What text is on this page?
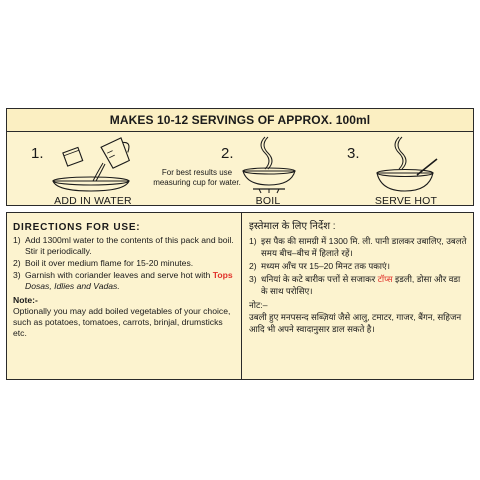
MAKES 10-12 SERVINGS OF APPROX. 100ml
1.
ADD IN WATER
For best results use
measuring cup for water.
2.
BOIL
3.
SERVE HOT
DIRECTIONS FOR USE:
1) Add 1300ml water to the contents of this pack and boil. Stir it periodically.
2) Boil it over medium flame for 15-20 minutes.
3) Garnish with coriander leaves and serve hot with Tops Dosas, Idlies and Vadas.
Note:-
Optionally you may add boiled vegetables of your choice, such as potatoes, tomatoes, carrots, brinjal, drumsticks etc.
इस्तेमाल के लिए निर्देश :
1) इस पैक की सामग्री में 1300 मि. ली. पानी डालकर उबालिए, उबलते समय बीच–बीच में हिलाते रहें।
2) मध्यम आँच पर 15–20 मिनट तक पकाएं।
3) धनियां के कटे बारीक पत्तों से सजाकर टॉप्स इडली, डोसा और वडा के साथ परोसिए।
नोट:–
उबली हुए मनपसन्द सब्ज़ियां जैसे आलु, टमाटर, गाजर, बैंगन, सहिजन आदि भी अपने स्वादानुसार डाल सकते है।
